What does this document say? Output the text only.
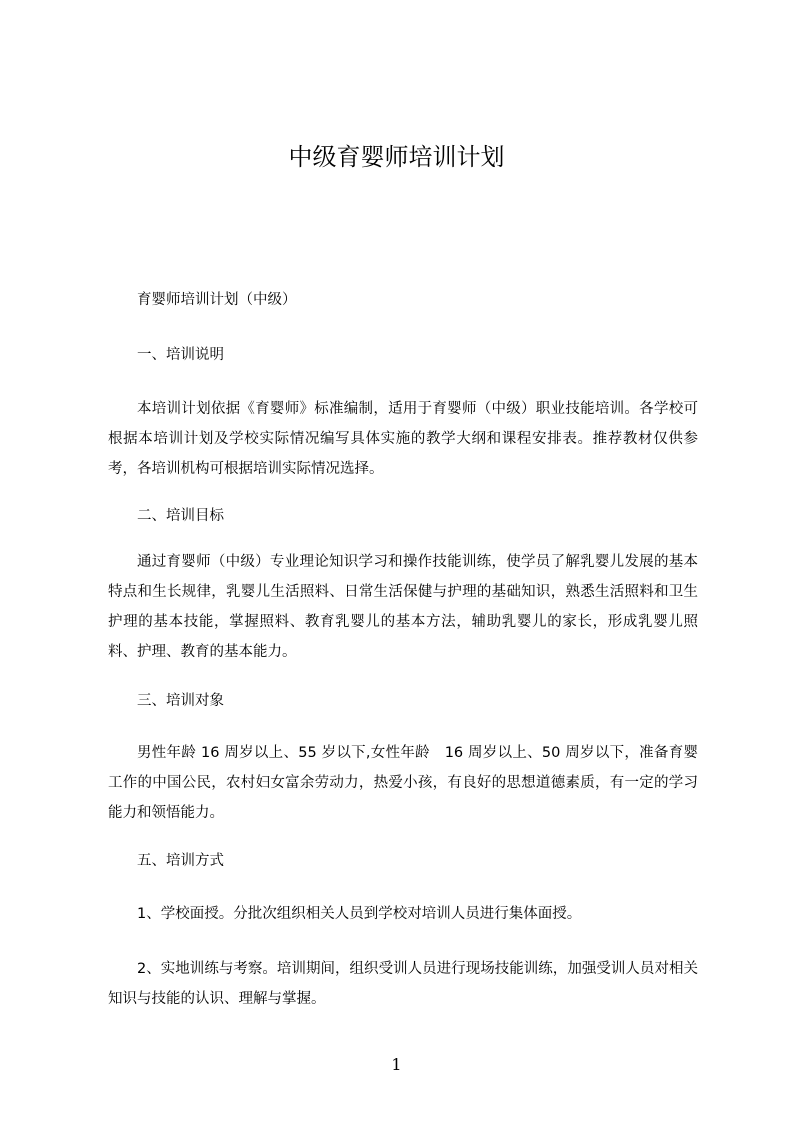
中级育婴师培训计划

育婴师培训计划（中级）

一、培训说明

本培训计划依据《育婴师》标准编制，适用于育婴师（中级）职业技能培训。各学校可根据本培训计划及学校实际情况编写具体实施的教学大纲和课程安排表。推荐教材仅供参考，各培训机构可根据培训实际情况选择。

二、培训目标

通过育婴师（中级）专业理论知识学习和操作技能训练，使学员了解乳婴儿发展的基本特点和生长规律，乳婴儿生活照料、日常生活保健与护理的基础知识，熟悉生活照料和卫生护理的基本技能，掌握照料、教育乳婴儿的基本方法，辅助乳婴儿的家长，形成乳婴儿照料、护理、教育的基本能力。

三、培训对象

男性年龄 16 周岁以上、55 岁以下,女性年龄　16 周岁以上、50 周岁以下，准备育婴工作的中国公民，农村妇女富余劳动力，热爱小孩，有良好的思想道德素质，有一定的学习能力和领悟能力。

五、培训方式

1、学校面授。分批次组织相关人员到学校对培训人员进行集体面授。

2、实地训练与考察。培训期间，组织受训人员进行现场技能训练，加强受训人员对相关知识与技能的认识、理解与掌握。

1
